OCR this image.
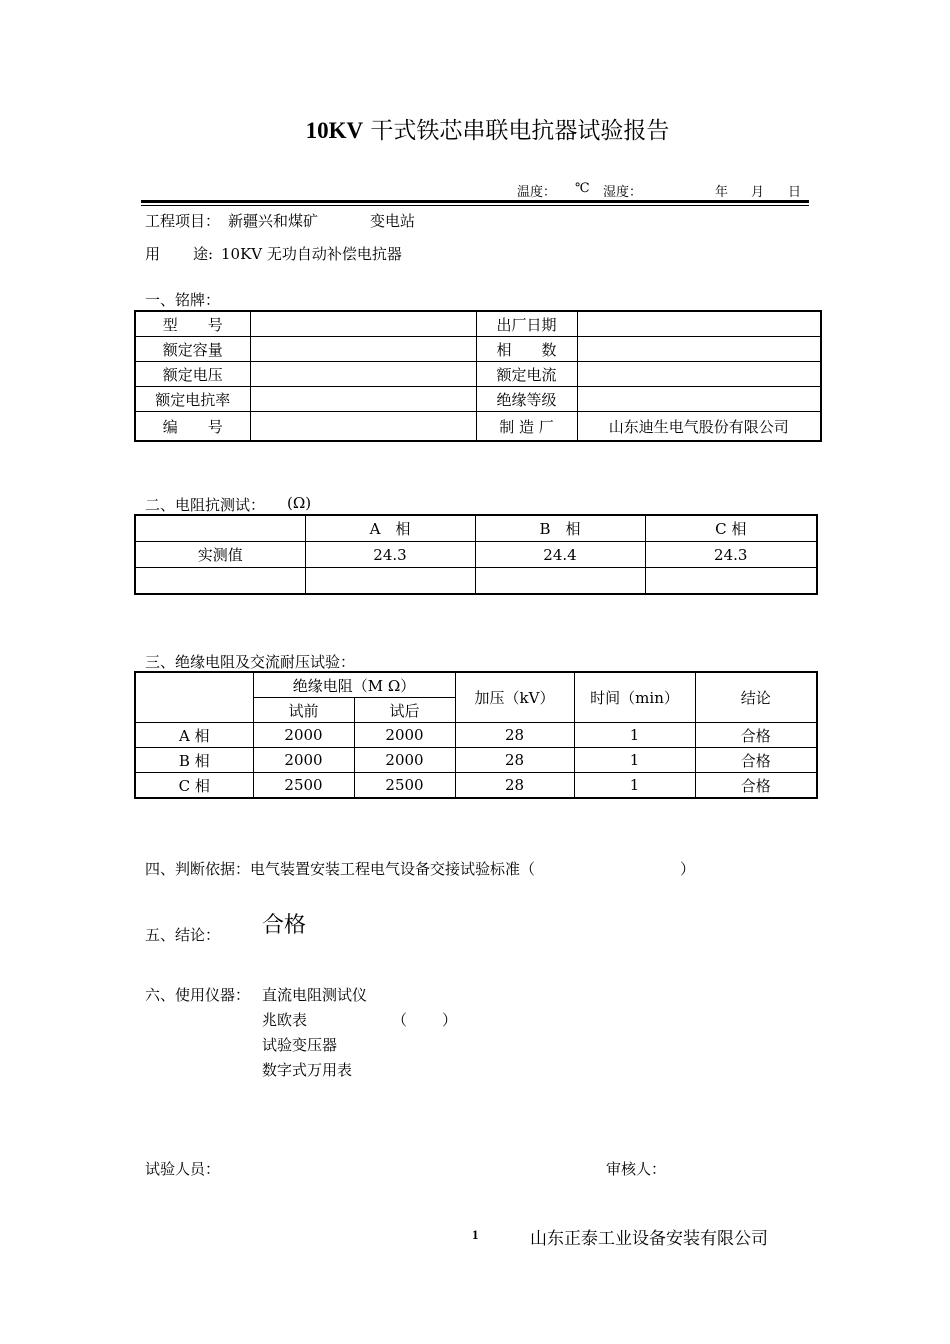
10KV 干式铁芯串联电抗器试验报告
温度： ℃ 湿度：	年 月 日
工程项目： 新疆兴和煤矿	变电站
用 途: 10KV 无功自动补偿电抗器
一、铭牌：
型　　号		出厂日期	
额定容量		相　　数	
额定电压		额定电流	
额定电抗率		绝缘等级	
编　　号		制 造 厂	山东迪生电气股份有限公司
二、电阻抗测试： (Ω)
	A　相	B　相	C 相
实测值	24.3	24.4	24.3

三、绝缘电阻及交流耐压试验：
	绝缘电阻（M Ω）		加压（kV）	时间（min）	结论
	试前	试后			
A 相	2000	2000	28	1	合格
B 相	2000	2000	28	1	合格
C 相	2500	2500	28	1	合格
四、判断依据：电气装置安装工程电气设备交接试验标准（	）
五、结论： 合格
六、使用仪器： 直流电阻测试仪
兆欧表	（ ）
试验变压器
数字式万用表
试验人员：	审核人：
1	山东正泰工业设备安装有限公司
